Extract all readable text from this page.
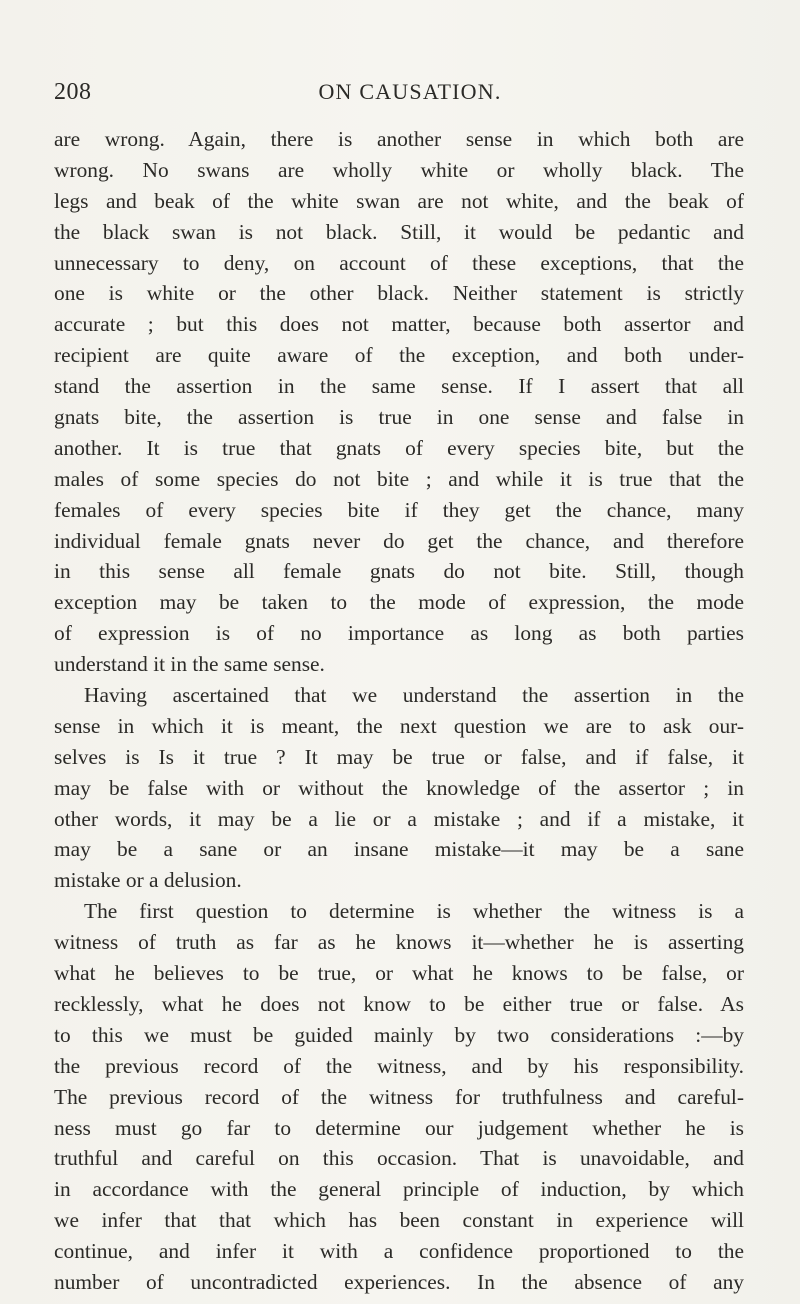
208	ON CAUSATION.
are wrong. Again, there is another sense in which both are
wrong. No swans are wholly white or wholly black. The
legs and beak of the white swan are not white, and the beak of
the black swan is not black. Still, it would be pedantic and
unnecessary to deny, on account of these exceptions, that the
one is white or the other black. Neither statement is strictly
accurate ; but this does not matter, because both assertor and
recipient are quite aware of the exception, and both under-
stand the assertion in the same sense. If I assert that all
gnats bite, the assertion is true in one sense and false in
another. It is true that gnats of every species bite, but the
males of some species do not bite ; and while it is true that the
females of every species bite if they get the chance, many
individual female gnats never do get the chance, and therefore
in this sense all female gnats do not bite. Still, though
exception may be taken to the mode of expression, the mode
of expression is of no importance as long as both parties
understand it in the same sense.
Having ascertained that we understand the assertion in the
sense in which it is meant, the next question we are to ask our-
selves is Is it true ? It may be true or false, and if false, it
may be false with or without the knowledge of the assertor ; in
other words, it may be a lie or a mistake ; and if a mistake, it
may be a sane or an insane mistake—it may be a sane
mistake or a delusion.
The first question to determine is whether the witness is a
witness of truth as far as he knows it—whether he is asserting
what he believes to be true, or what he knows to be false, or
recklessly, what he does not know to be either true or false. As
to this we must be guided mainly by two considerations :—by
the previous record of the witness, and by his responsibility.
The previous record of the witness for truthfulness and careful-
ness must go far to determine our judgement whether he is
truthful and careful on this occasion. That is unavoidable, and
in accordance with the general principle of induction, by which
we infer that that which has been constant in experience will
continue, and infer it with a confidence proportioned to the
number of uncontradicted experiences. In the absence of any
